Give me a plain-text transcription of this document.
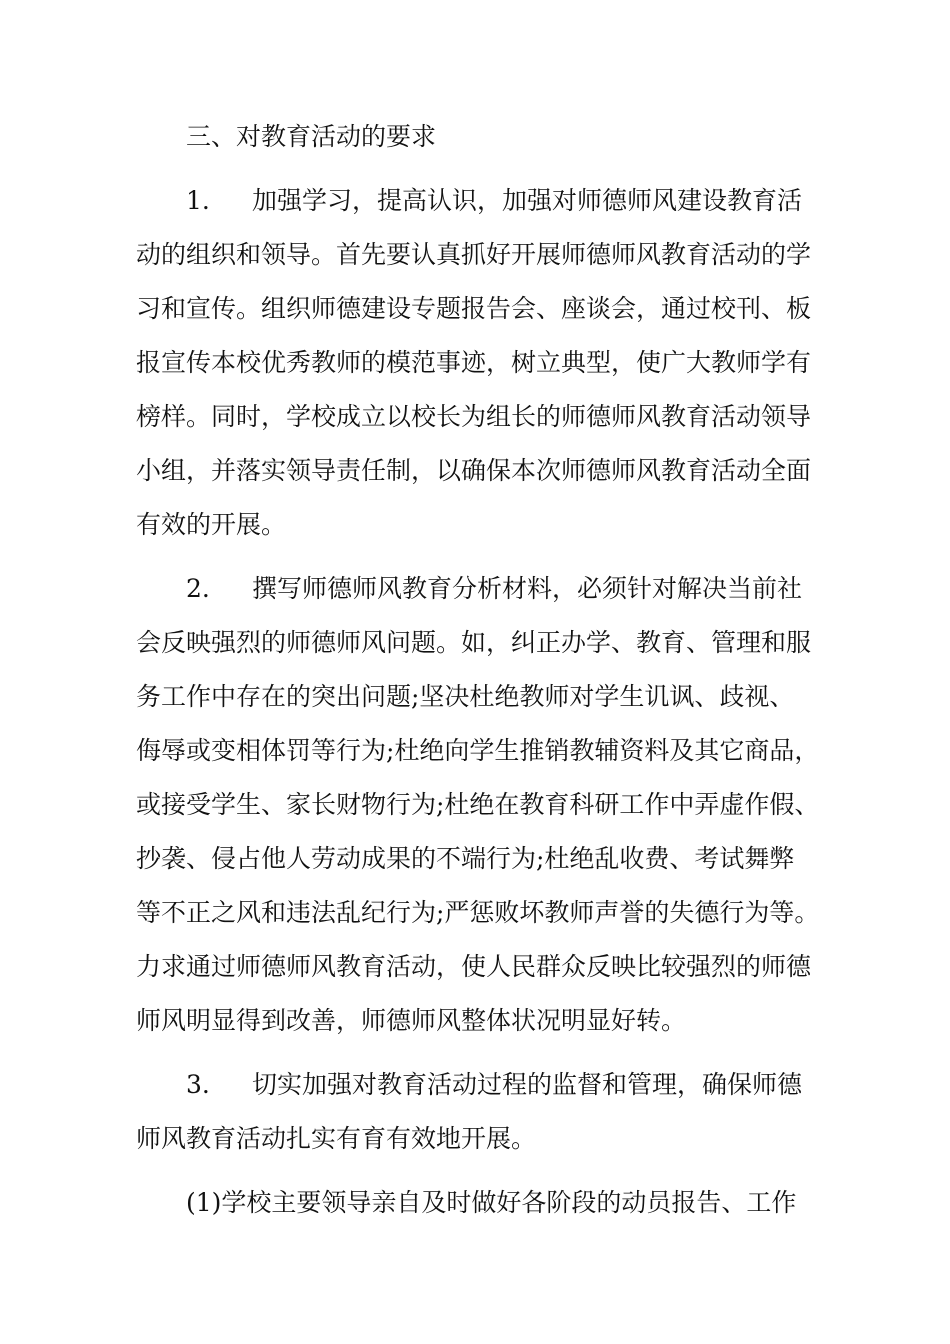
三、对教育活动的要求
1. 加强学习，提高认识，加强对师德师风建设教育活
动的组织和领导。首先要认真抓好开展师德师风教育活动的学
习和宣传。组织师德建设专题报告会、座谈会，通过校刊、板
报宣传本校优秀教师的模范事迹，树立典型，使广大教师学有
榜样。同时，学校成立以校长为组长的师德师风教育活动领导
小组，并落实领导责任制，以确保本次师德师风教育活动全面
有效的开展。
2. 撰写师德师风教育分析材料，必须针对解决当前社
会反映强烈的师德师风问题。如，纠正办学、教育、管理和服
务工作中存在的突出问题;坚决杜绝教师对学生讥讽、歧视、
侮辱或变相体罚等行为;杜绝向学生推销教辅资料及其它商品，
或接受学生、家长财物行为;杜绝在教育科研工作中弄虚作假、
抄袭、侵占他人劳动成果的不端行为;杜绝乱收费、考试舞弊
等不正之风和违法乱纪行为;严惩败坏教师声誉的失德行为等。
力求通过师德师风教育活动，使人民群众反映比较强烈的师德
师风明显得到改善，师德师风整体状况明显好转。
3. 切实加强对教育活动过程的监督和管理，确保师德
师风教育活动扎实有育有效地开展。
(1)学校主要领导亲自及时做好各阶段的动员报告、工作
